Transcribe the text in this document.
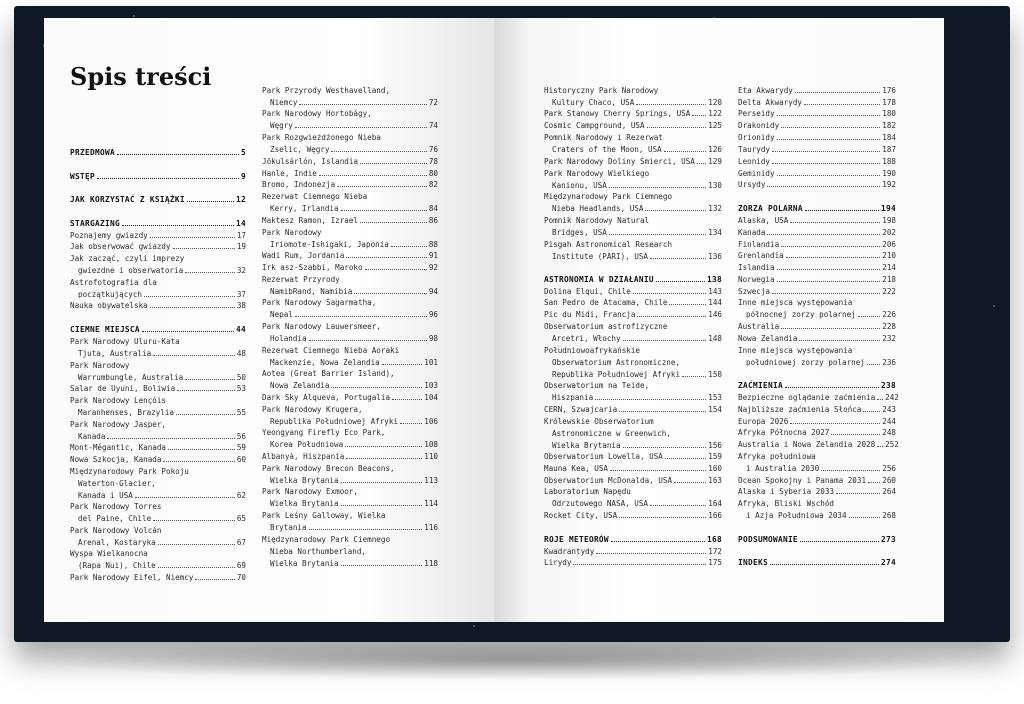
Spis treści
PRZEDMOWA	5
WSTĘP	9
JAK KORZYSTAĆ Z KSIĄŻKI	12
STARGAZING	14
Poznajemy gwiazdy	17
Jak obserwować gwiazdy	19
Jak zacząć, czyli imprezy
gwiezdne i obserwatoria	32
Astrofotografia dla
początkujących	37
Nauka obywatelska	38
CIEMNE MIEJSCA	44
Park Narodowy Uluru-Kata
Tjuta, Australia	48
Park Narodowy
Warrumbungle, Australia	50
Salar de Uyuni, Boliwia	53
Park Narodowy Lençóis
Maranhenses, Brazylia	55
Park Narodowy Jasper,
Kanada	56
Mont-Mégantic, Kanada	59
Nowa Szkocja, Kanada	60
Międzynarodowy Park Pokoju
Waterton-Glacier,
Kanada i USA	62
Park Narodowy Torres
del Paine, Chile	65
Park Narodowy Volcán
Arenal, Kostaryka	67
Wyspa Wielkanocna
(Rapa Nui), Chile	69
Park Narodowy Eifel, Niemcy	70
Park Przyrody Westhavelland,
Niemcy	72
Park Narodowy Hortobágy,
Węgry	74
Park Rozgwieżdżonego Nieba
Zselic, Węgry	76
Jökulsárlón, Islandia	78
Hanle, Indie	80
Bromo, Indonezja	82
Rezerwat Ciemnego Nieba
Kerry, Irlandia	84
Maktesz Ramon, Izrael	86
Park Narodowy
Iriomote-Ishigaki, Japonia	88
Wadi Rum, Jordania	91
Irk asz-Szabbi, Maroko	92
Rezerwat Przyrody
NamibRand, Namibia	94
Park Narodowy Sagarmatha,
Nepal	96
Park Narodowy Lauwersmeer,
Holandia	98
Rezerwat Ciemnego Nieba Aoraki
Mackenzie, Nowa Zelandia	101
Aotea (Great Barrier Island),
Nowa Zelandia	103
Dark Sky Alqueva, Portugalia	104
Park Narodowy Krugera,
Republika Południowej Afryki	106
Yeongyang Firefly Eco Park,
Korea Południowa	108
Albanyà, Hiszpania	110
Park Narodowy Brecon Beacons,
Wielka Brytania	113
Park Narodowy Exmoor,
Wielka Brytania	114
Park Leśny Galloway, Wielka
Brytania	116
Międzynarodowy Park Ciemnego
Nieba Northumberland,
Wielka Brytania	118
Historyczny Park Narodowy
Kultury Chaco, USA	120
Park Stanowy Cherry Springs, USA 122
Cosmic Campground, USA	125
Pomnik Narodowy i Rezerwat
Craters of the Moon, USA	126
Park Narodowy Doliny Śmierci, USA 129
Park Narodowy Wielkiego
Kanionu, USA	130
Międzynarodowy Park Ciemnego
Nieba Headlands, USA	132
Pomnik Narodowy Natural
Bridges, USA	134
Pisgah Astronomical Research
Institute (PARI), USA	136
ASTRONOMIA W DZIAŁANIU	138
Dolina Elqui, Chile	143
San Pedro de Atacama, Chile	144
Pic du Midi, Francja	146
Obserwatorium astrofizyczne
Arcetri, Włochy	148
Południowoafrykańskie
Obserwatorium Astronomiczne,
Republika Południowej Afryki	150
Obserwatorium na Teide,
Hiszpania	153
CERN, Szwajcaria	154
Królewskie Obserwatorium
Astronomiczne w Greenwich,
Wielka Brytania	156
Obserwatorium Lowella, USA	159
Mauna Kea, USA	160
Obserwatorium McDonalda, USA	163
Laboratorium Napędu
Odrzutowego NASA, USA	164
Rocket City, USA	166
ROJE METEORÓW	168
Kwadrantydy	172
Lirydy	175
Eta Akwarydy	176
Delta Akwarydy	178
Perseidy	180
Drakonidy	182
Orionidy	184
Taurydy	187
Leonidy	188
Geminidy	190
Ursydy	192
ZORZA POLARNA	194
Alaska, USA	198
Kanada	202
Finlandia	206
Grenlandia	210
Islandia	214
Norwegia	218
Szwecja	222
Inne miejsca występowania
północnej zorzy polarnej	226
Australia	228
Nowa Zelandia	232
Inne miejsca występowania
południowej zorzy polarnej 236
ZAĆMIENIA	238
Bezpieczne oglądanie zaćmienia 242
Najbliższe zaćmienia Słońca	243
Europa 2026	244
Afryka Północna 2027	248
Australia i Nowa Zelandia 2028 252
Afryka południowa
i Australia 2030	256
Ocean Spokojny i Panama 2031 260
Alaska i Syberia 2033	264
Afryka, Bliski Wschód
i Azja Południowa 2034	268
PODSUMOWANIE	273
INDEKS	274
